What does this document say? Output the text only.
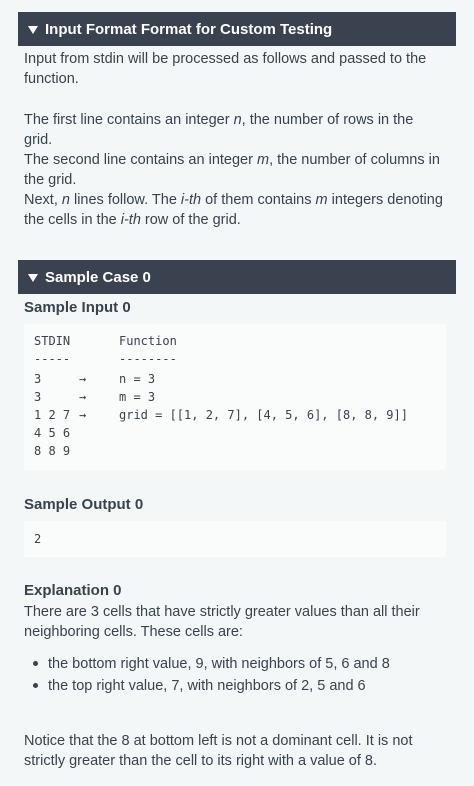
Input Format Format for Custom Testing
Input from stdin will be processed as follows and passed to the
function.
The first line contains an integer n, the number of rows in the
grid.
The second line contains an integer m, the number of columns in
the grid.
Next, n lines follow. The i-th of them contains m integers denoting
the cells in the i-th row of the grid.
Sample Case 0
Sample Input 0
STDIN	Function
-----	--------
3	→	n = 3
3	→	m = 3
1 2 7 →	grid = [[1, 2, 7], [4, 5, 6], [8, 8, 9]]
4 5 6
8 8 9
Sample Output 0
2
Explanation 0
There are 3 cells that have strictly greater values than all their
neighboring cells. These cells are:
the bottom right value, 9, with neighbors of 5, 6 and 8
the top right value, 7, with neighbors of 2, 5 and 6
Notice that the 8 at bottom left is not a dominant cell. It is not
strictly greater than the cell to its right with a value of 8.
